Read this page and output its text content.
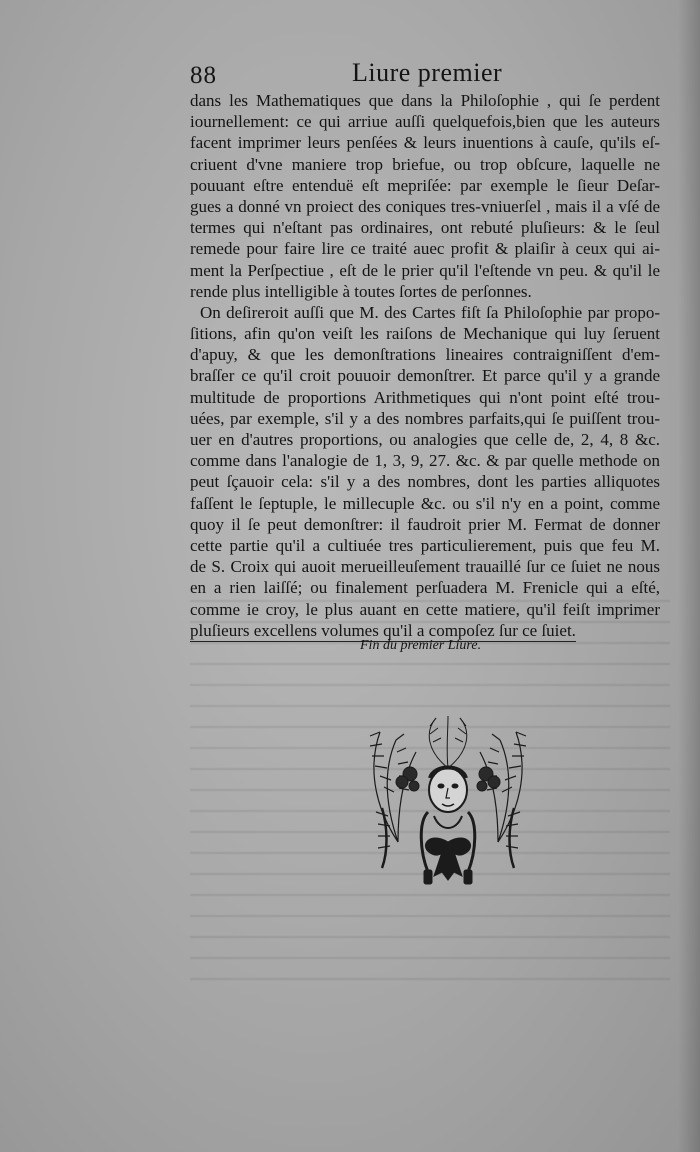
88	Liure premier
dans les Mathematiques que dans la Philoſophie , qui ſe perdent
iournellement: ce qui arriue auſſi quelquefois,bien que les auteurs
facent imprimer leurs penſées & leurs inuentions à cauſe, qu'ils eſ-
criuent d'vne maniere trop briefue, ou trop obſcure, laquelle ne
pouuant eſtre entenduë eſt mepriſée: par exemple le ſieur Deſar-
gues a donné vn proiect des coniques tres-vniuerſel , mais il a vſé de
termes qui n'eſtant pas ordinaires, ont rebuté pluſieurs: & le ſeul
remede pour faire lire ce traité auec profit & plaiſir à ceux qui ai-
ment la Perſpectiue , eſt de le prier qu'il l'eſtende vn peu. & qu'il le
rende plus intelligible à toutes ſortes de perſonnes.
On deſireroit auſſi que M. des Cartes fiſt ſa Philoſophie par propo-
ſitions, afin qu'on veiſt les raiſons de Mechanique qui luy ſeruent
d'apuy, & que les demonſtrations lineaires contraigniſſent d'em-
braſſer ce qu'il croit pouuoir demonſtrer. Et parce qu'il y a grande
multitude de proportions Arithmetiques qui n'ont point eſté trou-
uées, par exemple, s'il y a des nombres parfaits,qui ſe puiſſent trou-
uer en d'autres proportions, ou analogies que celle de, 2, 4, 8 &c.
comme dans l'analogie de 1, 3, 9, 27. &c. & par quelle methode on
peut ſçauoir cela: s'il y a des nombres, dont les parties alliquotes
faſſent le ſeptuple, le millecuple &c. ou s'il n'y en a point, comme
quoy il ſe peut demonſtrer: il faudroit prier M. Fermat de donner
cette partie qu'il a cultiuée tres particulierement, puis que feu M.
de S. Croix qui auoit merueilleuſement trauaillé ſur ce ſuiet ne nous
en a rien laiſſé; ou finalement perſuadera M. Frenicle qui a eſté,
comme ie croy, le plus auant en cette matiere, qu'il feiſt imprimer
pluſieurs excellens volumes qu'il a compoſez ſur ce ſuiet.
Fin du premier Liure.
